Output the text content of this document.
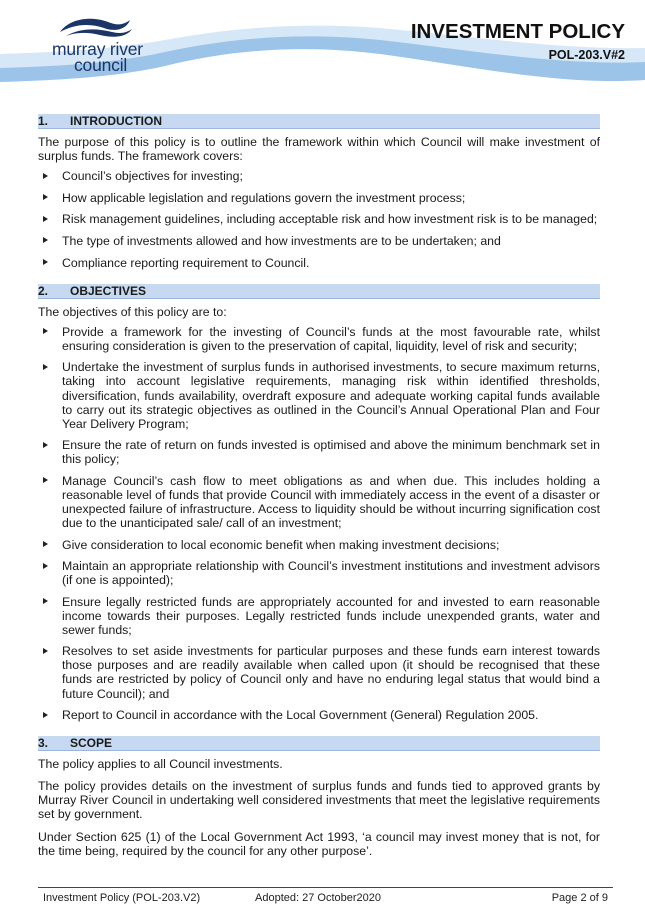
murray river
council
INVESTMENT POLICY
POL-203.V#2
1. INTRODUCTION

The purpose of this policy is to outline the framework within which Council will make investment of surplus funds. The framework covers:

Council’s objectives for investing;
How applicable legislation and regulations govern the investment process;
Risk management guidelines, including acceptable risk and how investment risk is to be managed;
The type of investments allowed and how investments are to be undertaken; and
Compliance reporting requirement to Council.
2. OBJECTIVES

The objectives of this policy are to:

Provide a framework for the investing of Council’s funds at the most favourable rate, whilst ensuring consideration is given to the preservation of capital, liquidity, level of risk and security;
Undertake the investment of surplus funds in authorised investments, to secure maximum returns, taking into account legislative requirements, managing risk within identified thresholds, diversification, funds availability, overdraft exposure and adequate working capital funds available to carry out its strategic objectives as outlined in the Council’s Annual Operational Plan and Four Year Delivery Program;
Ensure the rate of return on funds invested is optimised and above the minimum benchmark set in this policy;
Manage Council’s cash flow to meet obligations as and when due. This includes holding a reasonable level of funds that provide Council with immediately access in the event of a disaster or unexpected failure of infrastructure. Access to liquidity should be without incurring signification cost due to the unanticipated sale/ call of an investment;
Give consideration to local economic benefit when making investment decisions;
Maintain an appropriate relationship with Council’s investment institutions and investment advisors (if one is appointed);
Ensure legally restricted funds are appropriately accounted for and invested to earn reasonable income towards their purposes. Legally restricted funds include unexpended grants, water and sewer funds;
Resolves to set aside investments for particular purposes and these funds earn interest towards those purposes and are readily available when called upon (it should be recognised that these funds are restricted by policy of Council only and have no enduring legal status that would bind a future Council); and
Report to Council in accordance with the Local Government (General) Regulation 2005.
3. SCOPE

The policy applies to all Council investments.

The policy provides details on the investment of surplus funds and funds tied to approved grants by Murray River Council in undertaking well considered investments that meet the legislative requirements set by government.

Under Section 625 (1) of the Local Government Act 1993, ‘a council may invest money that is not, for the time being, required by the council for any other purpose’.

Investment Policy (POL-203.V2)	Adopted: 27 October2020	Page 2 of 9
